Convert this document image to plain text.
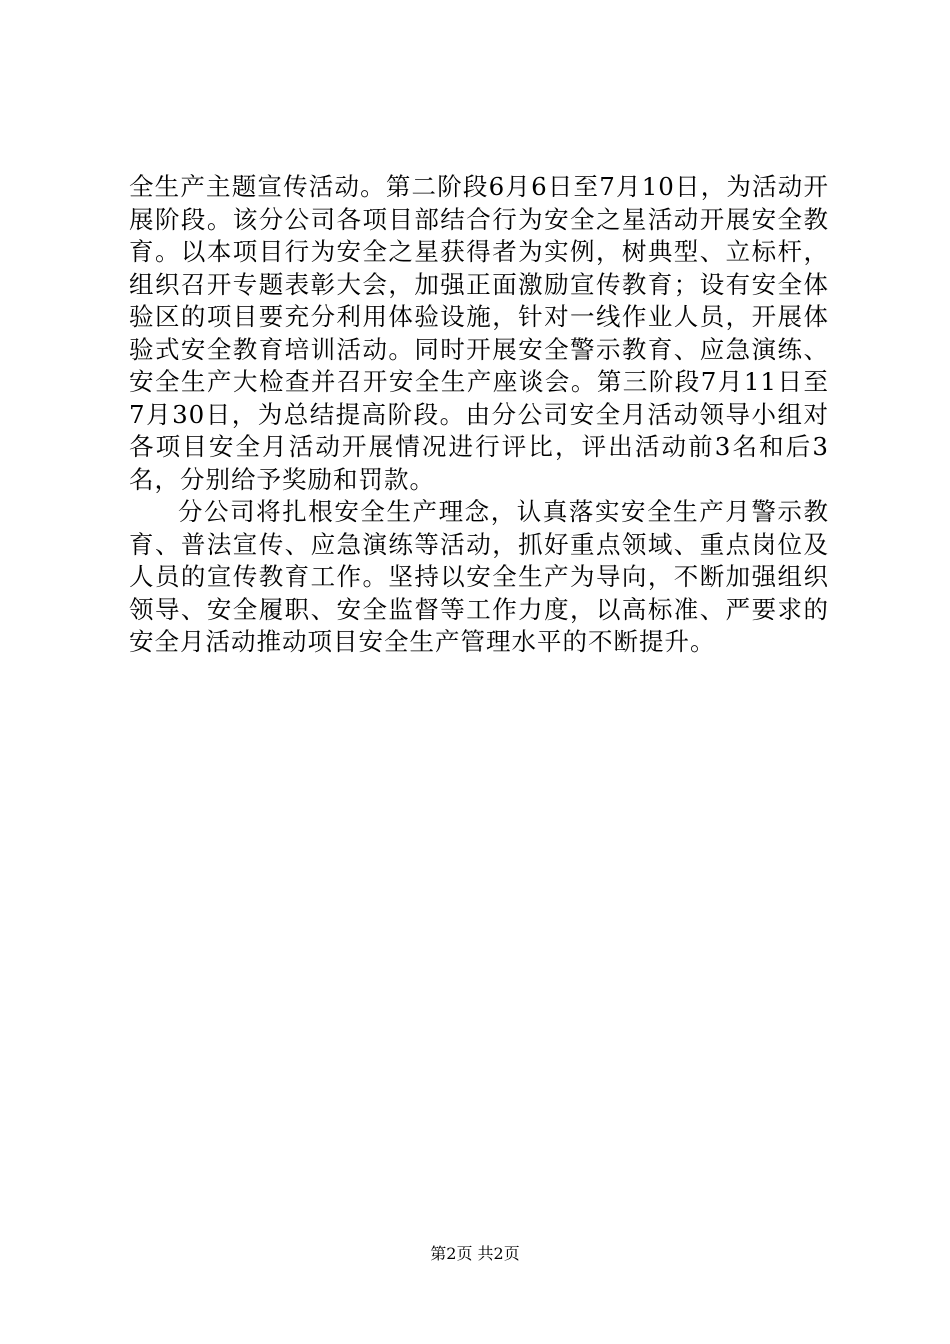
全生产主题宣传活动。第二阶段6月6日至7月10日，为活动开展阶段。该分公司各项目部结合行为安全之星活动开展安全教育。以本项目行为安全之星获得者为实例，树典型、立标杆，组织召开专题表彰大会，加强正面激励宣传教育；设有安全体验区的项目要充分利用体验设施，针对一线作业人员，开展体验式安全教育培训活动。同时开展安全警示教育、应急演练、安全生产大检查并召开安全生产座谈会。第三阶段7月11日至7月30日，为总结提高阶段。由分公司安全月活动领导小组对各项目安全月活动开展情况进行评比，评出活动前3名和后3名，分别给予奖励和罚款。

分公司将扎根安全生产理念，认真落实安全生产月警示教育、普法宣传、应急演练等活动，抓好重点领域、重点岗位及人员的宣传教育工作。坚持以安全生产为导向，不断加强组织领导、安全履职、安全监督等工作力度，以高标准、严要求的安全月活动推动项目安全生产管理水平的不断提升。

第2页 共2页
